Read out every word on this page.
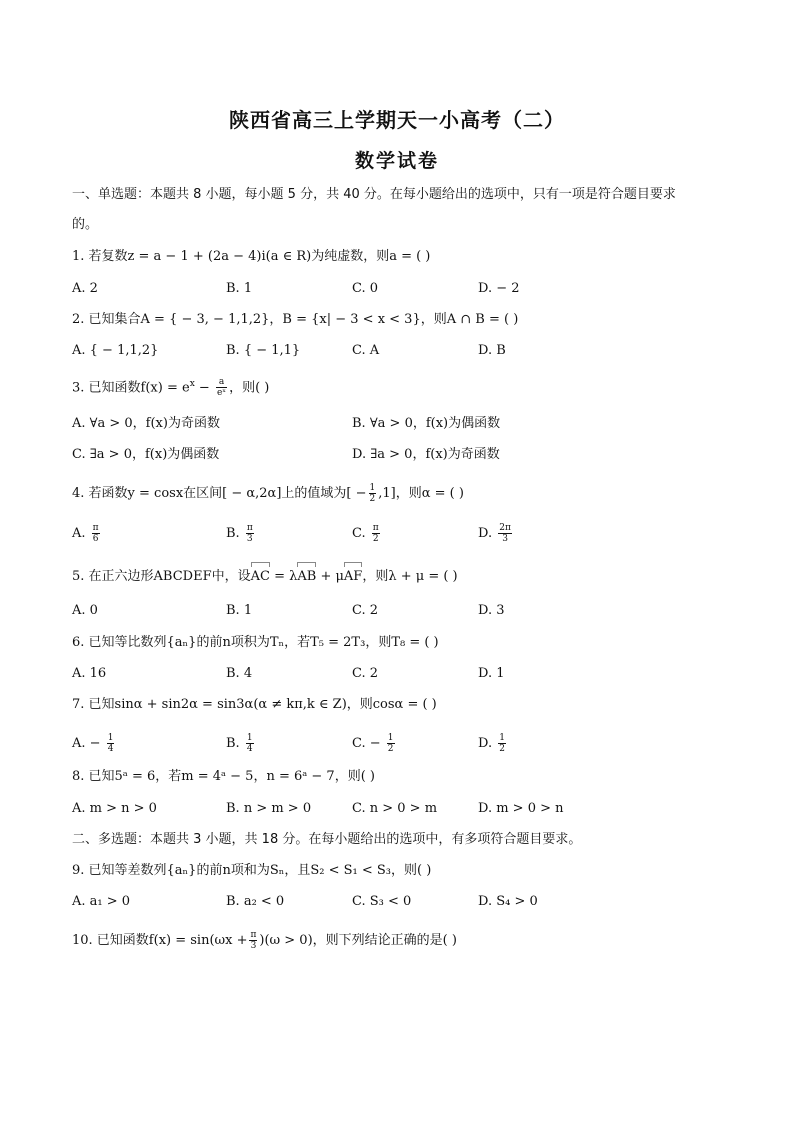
陕西省高三上学期天一小高考（二）
数学试卷
一、单选题：本题共 8 小题，每小题 5 分，共 40 分。在每小题给出的选项中，只有一项是符合题目要求
的。
1. 若复数z = a − 1 + (2a − 4)i(a ∈ R)为纯虚数，则a = ( )
A. 2	B. 1	C. 0	D. − 2
2. 已知集合A = { − 3, − 1,1,2}，B = {x| − 3 < x < 3}，则A ∩ B = ( )
A. { − 1,1,2}	B. { − 1,1}	C. A	D. B
3. 已知函数$f(x) = e^x - \frac{a}{\text{eˣ}}$ ，则( )
A. ∀a > 0，f(x)为奇函数	B. ∀a > 0，f(x)为偶函数
C. ∃a > 0，f(x)为偶函数	D. ∃a > 0，f(x)为奇函数
4. 若函数y = cosx在区间[ − α,2α]上的值域为[ − $\frac{1}{2} ,1$]，则α = ( )
A. $\frac{\pi}{6}$	B. $\frac{\pi}{3}$	C. $\frac{\pi}{2}$	D. $\frac{2\pi}{3}$
5. 在正六边形ABCDEF中，设AC = λAB + μAF，则λ + μ = ( )
A. 0	B. 1	C. 2	D. 3
6. 已知等比数列{aₙ}的前n项积为Tₙ，若T₅ = 2T₃，则T₈ = ( )
A. 16	B. 4	C. 2	D. 1
7. 已知sinα + sin2α = sin3α(α ≠ kπ,k ∈ Z)，则cosα = ( )
A. − $\frac{1}{4}$	B. $\frac{1}{4}$	C. − $\frac{1}{2}$	D. $\frac{1}{2}$
8. 已知5ᵃ = 6，若m = 4ᵃ − 5，n = 6ᵃ − 7，则( )
A. m > n > 0	B. n > m > 0	C. n > 0 > m	D. m > 0 > n
二、多选题：本题共 3 小题，共 18 分。在每小题给出的选项中，有多项符合题目要求。
9. 已知等差数列{aₙ}的前n项和为Sₙ，且S₂ < S₁ < S₃，则( )
A. a₁ > 0	B. a₂ < 0	C. S₃ < 0	D. S₄ > 0
10. 已知函数$f(x) = \sin(\omega x + \frac{\pi}{3} )(\omega > 0)$，则下列结论正确的是( )
